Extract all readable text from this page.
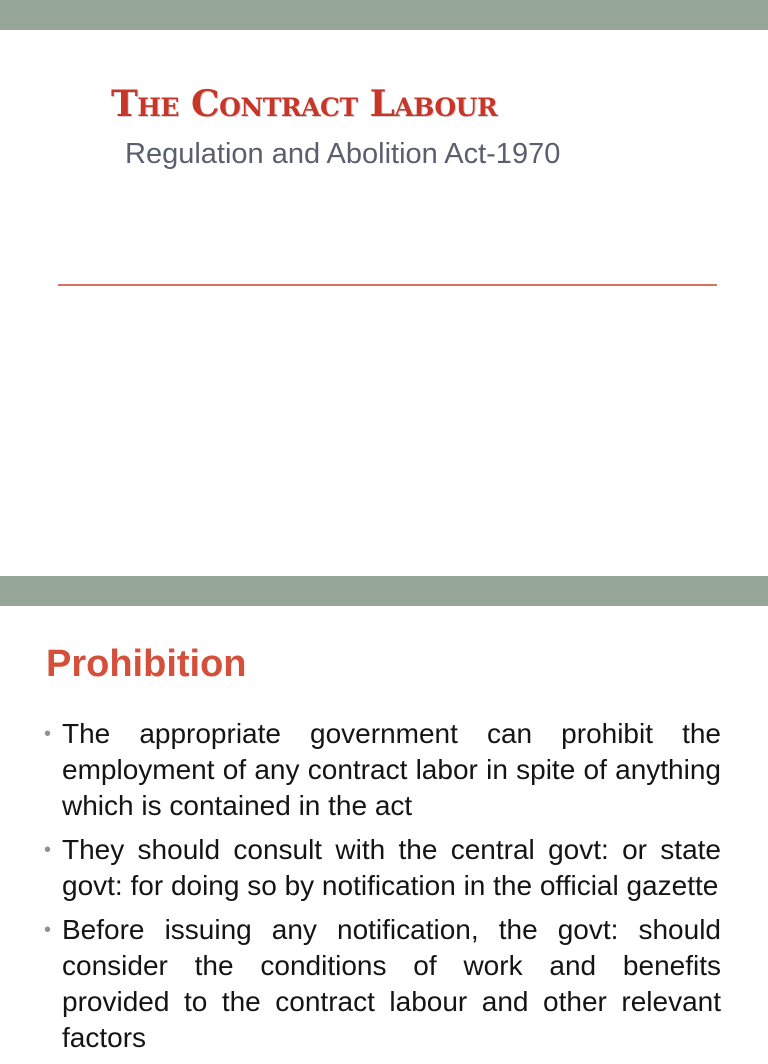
The Contract Labour

Regulation and Abolition Act-1970

Prohibition
• The appropriate government can prohibit the employment of any contract labor in spite of anything which is contained in the act
• They should consult with the central govt: or state govt: for doing so by notification in the official gazette
• Before issuing any notification, the govt: should consider the conditions of work and benefits provided to the contract labour and other relevant factors
